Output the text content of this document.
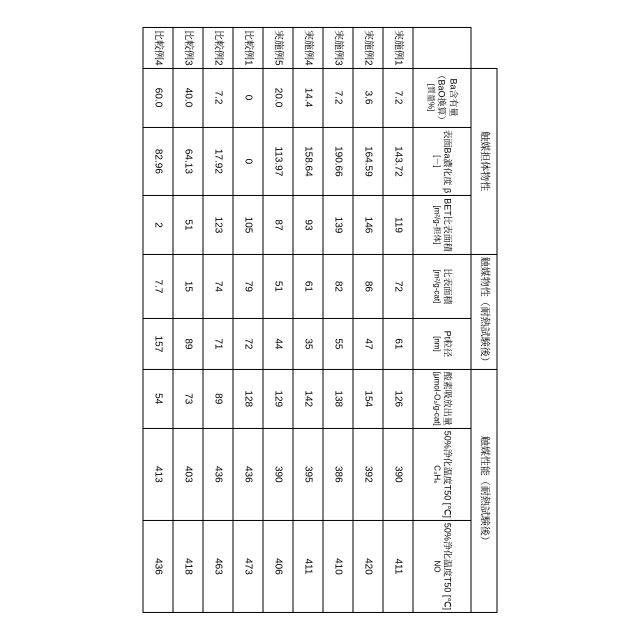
	触媒担体物性			触媒物性（耐熱試験後）		触媒性能（耐熱試験後）		

	Ba含有量
（BaO換算）
[質量%]	表面Ba濃化度 β
[－]	BET比表面積
[m²/g-担体]	比表面積
[m²/g-cat]	Pt粒径
[nm]	酸素吸放出量
[μmol-O₂/g-cat]	50%浄化温度T50 [℃]
C₃H₆	50%浄化温度T50 [℃]
NO

実施例1	7.2	143.72	119	72	61	126	390	411
実施例2	3.6	164.59	146	86	47	154	392	420
実施例3	7.2	190.66	139	82	55	138	386	410
実施例4	14.4	158.64	93	61	35	142	395	411
実施例5	20.0	113.97	87	51	44	129	390	406
比較例1	0	0	105	79	72	128	436	473
比較例2	7.2	17.92	123	74	71	89	436	463
比較例3	40.0	64.13	51	15	89	73	403	418
比較例4	60.0	82.96	2	7.7	157	54	413	436
